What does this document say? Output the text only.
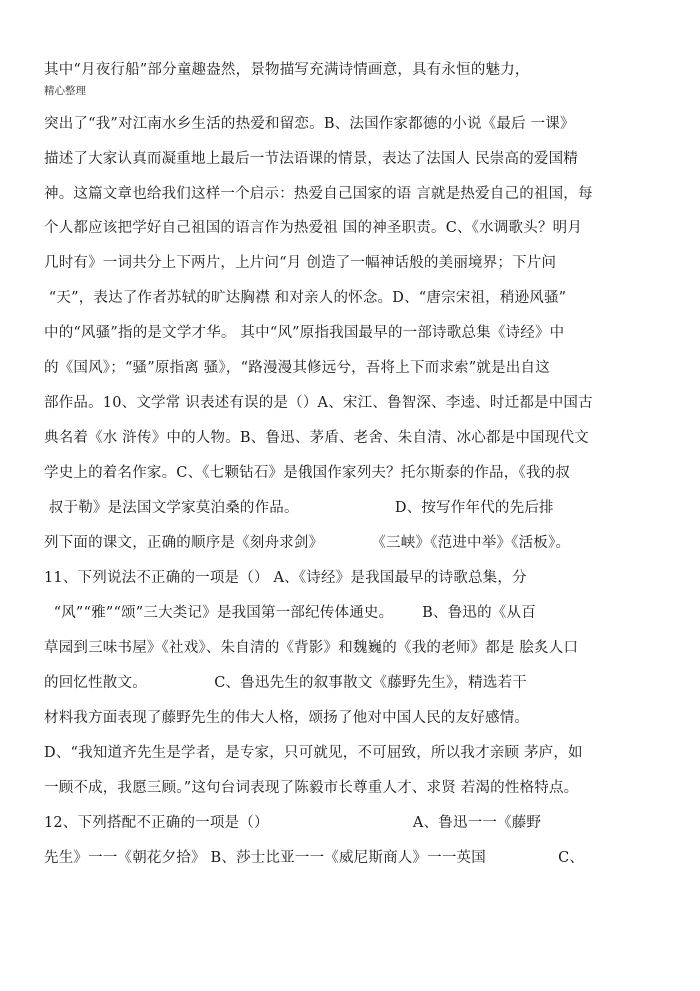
其中“月夜行船”部分童趣盎然，景物描写充满诗情画意，具有永恒的魅力，
精心整理
突出了“我”对江南水乡生活的热爱和留恋。B、法国作家都德的小说《最后 一课》
描述了大家认真而凝重地上最后一节法语课的情景，表达了法国人 民崇高的爱国精
神。这篇文章也给我们这样一个启示：热爱自己国家的语 言就是热爱自己的祖国，每
个人都应该把学好自己祖国的语言作为热爱祖 国的神圣职责。C、《水调歌头？明月
几时有》一词共分上下两片，上片问“月 创造了一幅神话般的美丽境界；下片问
“天”，表达了作者苏轼的旷达胸襟 和对亲人的怀念。D、“唐宗宋祖，稍逊风骚”
中的“风骚”指的是文学才华。 其中“风”原指我国最早的一部诗歌总集《诗经》中
的《国风》；“骚”原指离 骚》，“路漫漫其修远兮，吾将上下而求索”就是出自这
部作品。10、文学常 识表述有误的是（）A、宋江、鲁智深、李逵、时迁都是中国古
典名着《水 浒传》中的人物。B、鲁迅、茅盾、老舍、朱自清、冰心都是中国现代文
学史上的着名作家。C、《七颗钻石》是俄国作家列夫？托尔斯泰的作品，《我的叔
叔于勒》是法国文学家莫泊桑的作品。                    D、按写作年代的先后排
列下面的课文，正确的顺序是《刻舟求剑》          《三峡》《范进中举》《活板》。
11、下列说法不正确的一项是（） A、《诗经》是我国最早的诗歌总集，分
“风”“雅”“颂”三大类记》是我国第一部纪传体通史。      B、鲁迅的《从百
草园到三味书屋》《社戏》、朱自清的《背影》和魏巍的《我的老师》都是 脍炙人口
的回忆性散文。              C、鲁迅先生的叙事散文《藤野先生》，精选若干
材料我方面表现了藤野先生的伟大人格，颂扬了他对中国人民的友好感情。
D、“我知道齐先生是学者，是专家，只可就见，不可屈致，所以我才亲顾 茅庐，如
一顾不成，我愿三顾。”这句台词表现了陈毅市长尊重人才、求贤 若渴的性格特点。
12、下列搭配不正确的一项是（）                              A、鲁迅一一《藤野
先生》一一《朝花夕拾》 B、莎士比亚一一《威尼斯商人》一一英国               C、
